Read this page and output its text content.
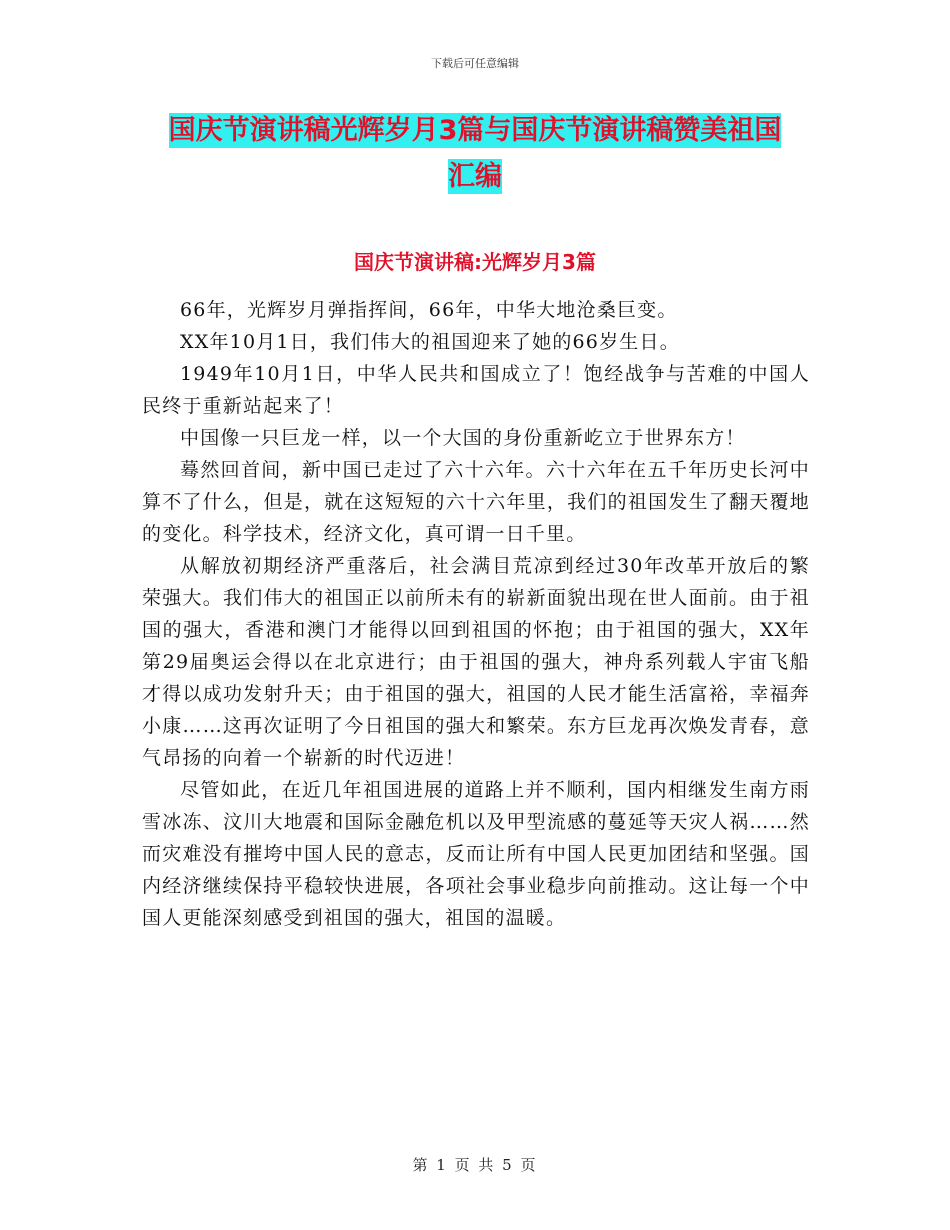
下载后可任意编辑
国庆节演讲稿光辉岁月3篇与国庆节演讲稿赞美祖国
汇编
国庆节演讲稿:光辉岁月3篇

66年，光辉岁月弹指挥间，66年，中华大地沧桑巨变。

XX年10月1日，我们伟大的祖国迎来了她的66岁生日。

1949年10月1日，中华人民共和国成立了！饱经战争与苦难的中国人民终于重新站起来了！

中国像一只巨龙一样，以一个大国的身份重新屹立于世界东方！

蓦然回首间，新中国已走过了六十六年。六十六年在五千年历史长河中算不了什么，但是，就在这短短的六十六年里，我们的祖国发生了翻天覆地的变化。科学技术，经济文化，真可谓一日千里。

从解放初期经济严重落后，社会满目荒凉到经过30年改革开放后的繁荣强大。我们伟大的祖国正以前所未有的崭新面貌出现在世人面前。由于祖国的强大，香港和澳门才能得以回到祖国的怀抱；由于祖国的强大，XX年第29届奥运会得以在北京进行；由于祖国的强大，神舟系列载人宇宙飞船才得以成功发射升天；由于祖国的强大，祖国的人民才能生活富裕，幸福奔小康……这再次证明了今日祖国的强大和繁荣。东方巨龙再次焕发青春，意气昂扬的向着一个崭新的时代迈进！

尽管如此，在近几年祖国进展的道路上并不顺利，国内相继发生南方雨雪冰冻、汶川大地震和国际金融危机以及甲型流感的蔓延等天灾人祸……然而灾难没有摧垮中国人民的意志，反而让所有中国人民更加团结和坚强。国内经济继续保持平稳较快进展，各项社会事业稳步向前推动。这让每一个中国人更能深刻感受到祖国的强大，祖国的温暖。

第 1 页 共 5 页
